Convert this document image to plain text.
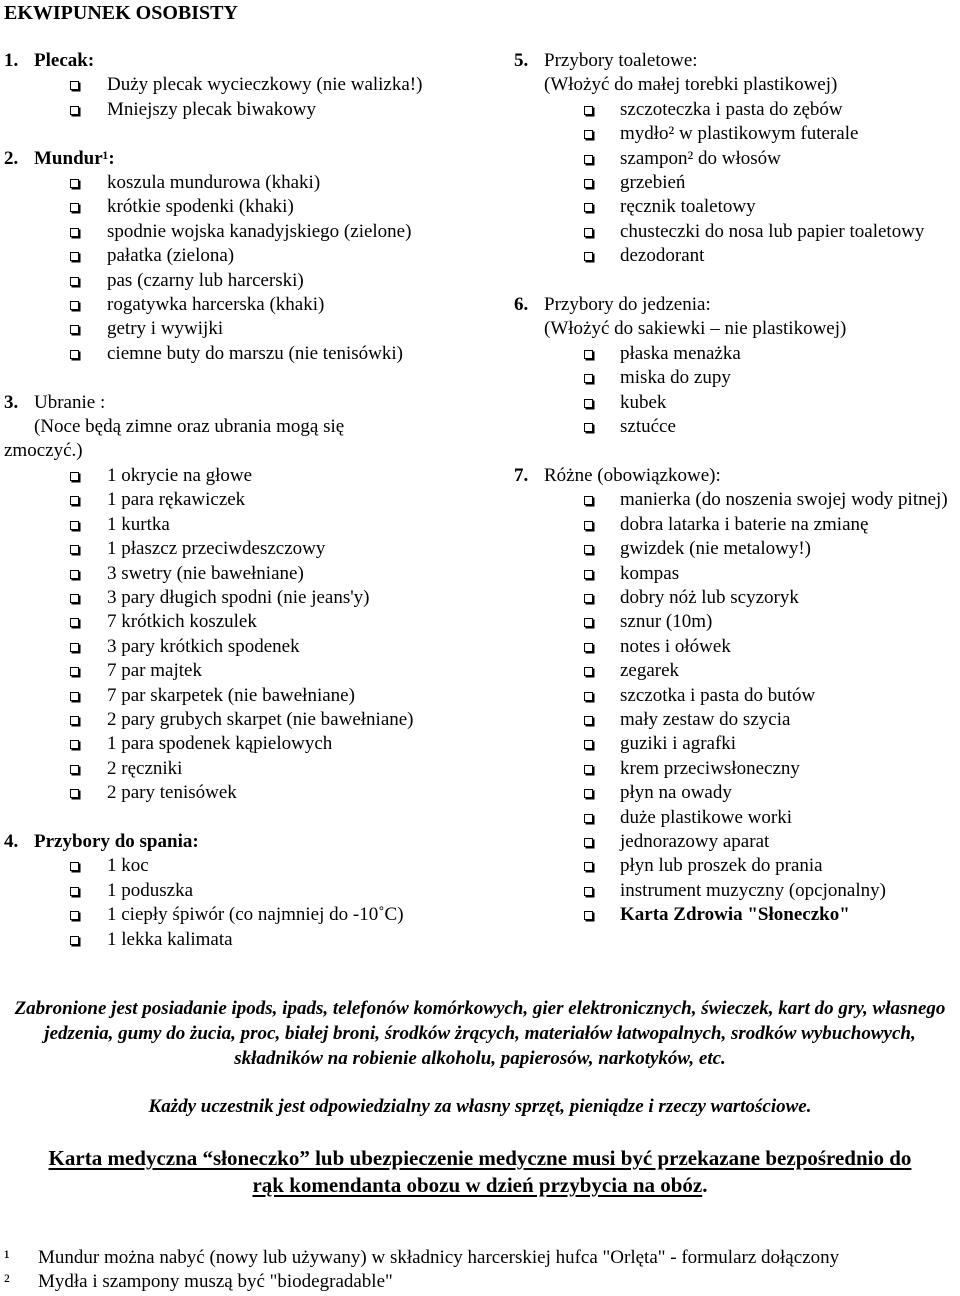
EKWIPUNEK OSOBISTY
1. Plecak:
Duży plecak wycieczkowy (nie walizka!)
Mniejszy plecak biwakowy
2. Mundur¹:
koszula mundurowa (khaki)
krótkie spodenki (khaki)
spodnie wojska kanadyjskiego (zielone)
pałatka (zielona)
pas (czarny lub harcerski)
rogatywka harcerska (khaki)
getry i wywijki
ciemne buty do marszu (nie tenisówki)
3. Ubranie :
(Noce będą zimne oraz ubrania mogą się
zmoczyć.)
1 okrycie na głowe
1 para rękawiczek
1 kurtka
1 płaszcz przeciwdeszczowy
3 swetry (nie bawełniane)
3 pary długich spodni (nie jeans'y)
7 krótkich koszulek
3 pary krótkich spodenek
7 par majtek
7 par skarpetek (nie bawełniane)
2 pary grubych skarpet (nie bawełniane)
1 para spodenek kąpielowych
2 ręczniki
2 pary tenisówek
4. Przybory do spania:
1 koc
1 poduszka
1 ciepły śpiwór (co najmniej do -10˚C)
1 lekka kalimata
5. Przybory toaletowe:
(Włożyć do małej torebki plastikowej)
szczoteczka i pasta do zębów
mydło² w plastikowym futerale
szampon² do włosów
grzebień
ręcznik toaletowy
chusteczki do nosa lub papier toaletowy
dezodorant
6. Przybory do jedzenia:
(Włożyć do sakiewki – nie plastikowej)
płaska menażka
miska do zupy
kubek
sztućce
7. Różne (obowiązkowe):
manierka (do noszenia swojej wody pitnej)
dobra latarka i baterie na zmianę
gwizdek (nie metalowy!)
kompas
dobry nóż lub scyzoryk
sznur (10m)
notes i ołówek
zegarek
szczotka i pasta do butów
mały zestaw do szycia
guziki i agrafki
krem przeciwsłoneczny
płyn na owady
duże plastikowe worki
jednorazowy aparat
płyn lub proszek do prania
instrument muzyczny (opcjonalny)
Karta Zdrowia "Słoneczko"
Zabronione jest posiadanie ipods, ipads, telefonów komórkowych, gier elektronicznych, świeczek, kart do gry, własnego jedzenia, gumy do żucia, proc, białej broni, środków żrących, materiałów łatwopalnych, srodków wybuchowych, składników na robienie alkoholu, papierosów, narkotyków, etc.
Każdy uczestnik jest odpowiedzialny za własny sprzęt, pieniądze i rzeczy wartościowe.
Karta medyczna “słoneczko” lub ubezpieczenie medyczne musi być przekazane bezpośrednio do
rąk komendanta obozu w dzień przybycia na obóz.
¹	Mundur można nabyć (nowy lub używany) w składnicy harcerskiej hufca "Orlęta" - formularz dołączony
²	Mydła i szampony muszą być "biodegradable"
